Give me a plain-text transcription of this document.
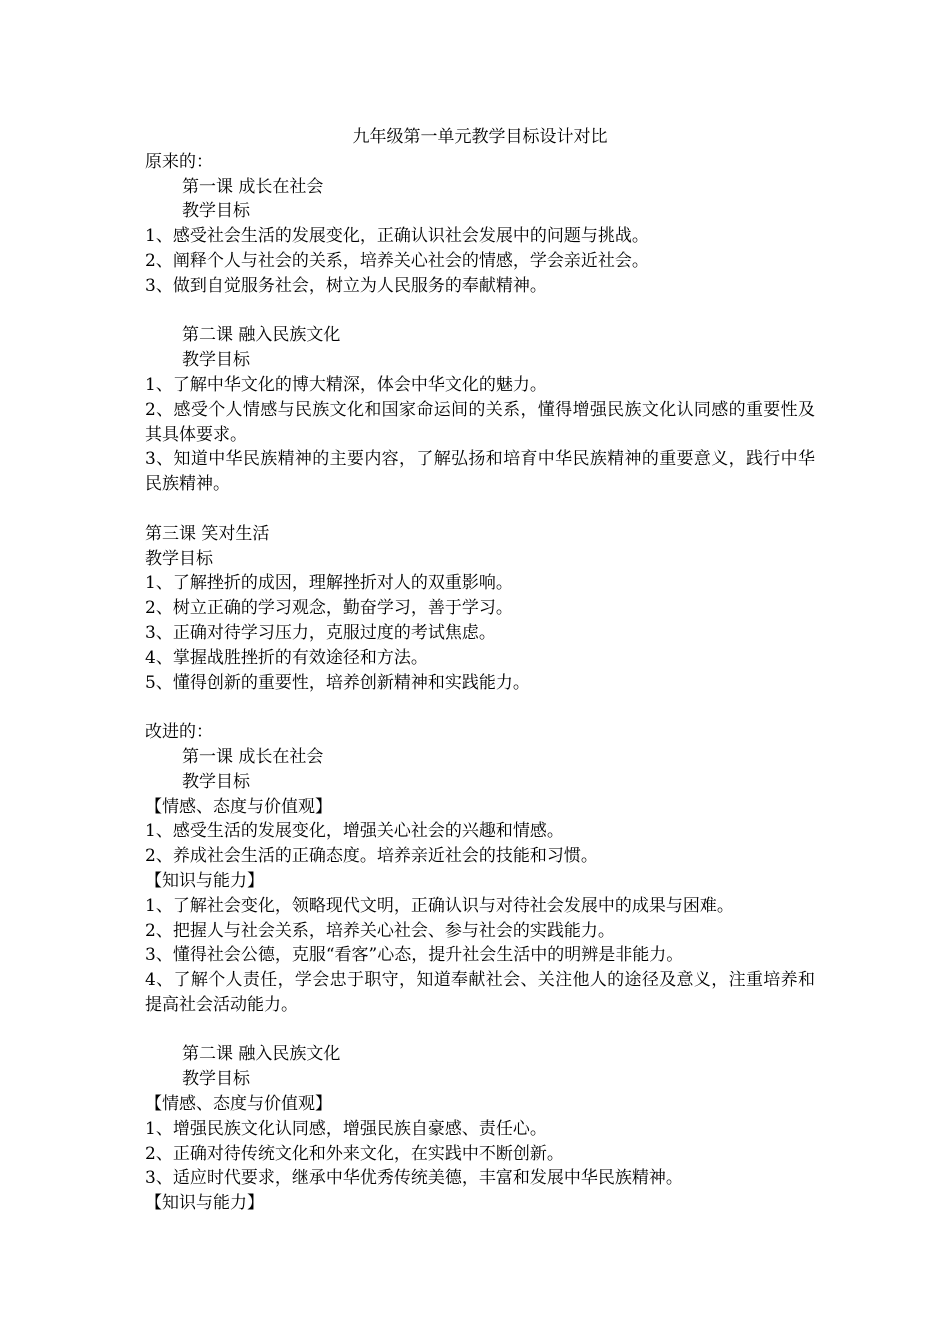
九年级第一单元教学目标设计对比
原来的：
第一课 成长在社会
教学目标
1、感受社会生活的发展变化，正确认识社会发展中的问题与挑战。
2、阐释个人与社会的关系，培养关心社会的情感，学会亲近社会。
3、做到自觉服务社会，树立为人民服务的奉献精神。
第二课 融入民族文化
教学目标
1、了解中华文化的博大精深，体会中华文化的魅力。
2、感受个人情感与民族文化和国家命运间的关系，懂得增强民族文化认同感的重要性及其具体要求。
3、知道中华民族精神的主要内容，了解弘扬和培育中华民族精神的重要意义，践行中华民族精神。
第三课 笑对生活
教学目标
1、了解挫折的成因，理解挫折对人的双重影响。
2、树立正确的学习观念，勤奋学习，善于学习。
3、正确对待学习压力，克服过度的考试焦虑。
4、掌握战胜挫折的有效途径和方法。
5、懂得创新的重要性，培养创新精神和实践能力。
改进的：
第一课 成长在社会
教学目标
【情感、态度与价值观】
1、感受生活的发展变化，增强关心社会的兴趣和情感。
2、养成社会生活的正确态度。培养亲近社会的技能和习惯。
【知识与能力】
1、了解社会变化，领略现代文明，正确认识与对待社会发展中的成果与困难。
2、把握人与社会关系，培养关心社会、参与社会的实践能力。
3、懂得社会公德，克服“看客”心态，提升社会生活中的明辨是非能力。
4、了解个人责任，学会忠于职守，知道奉献社会、关注他人的途径及意义，注重培养和提高社会活动能力。
第二课 融入民族文化
教学目标
【情感、态度与价值观】
1、增强民族文化认同感，增强民族自豪感、责任心。
2、正确对待传统文化和外来文化，在实践中不断创新。
3、适应时代要求，继承中华优秀传统美德，丰富和发展中华民族精神。
【知识与能力】
